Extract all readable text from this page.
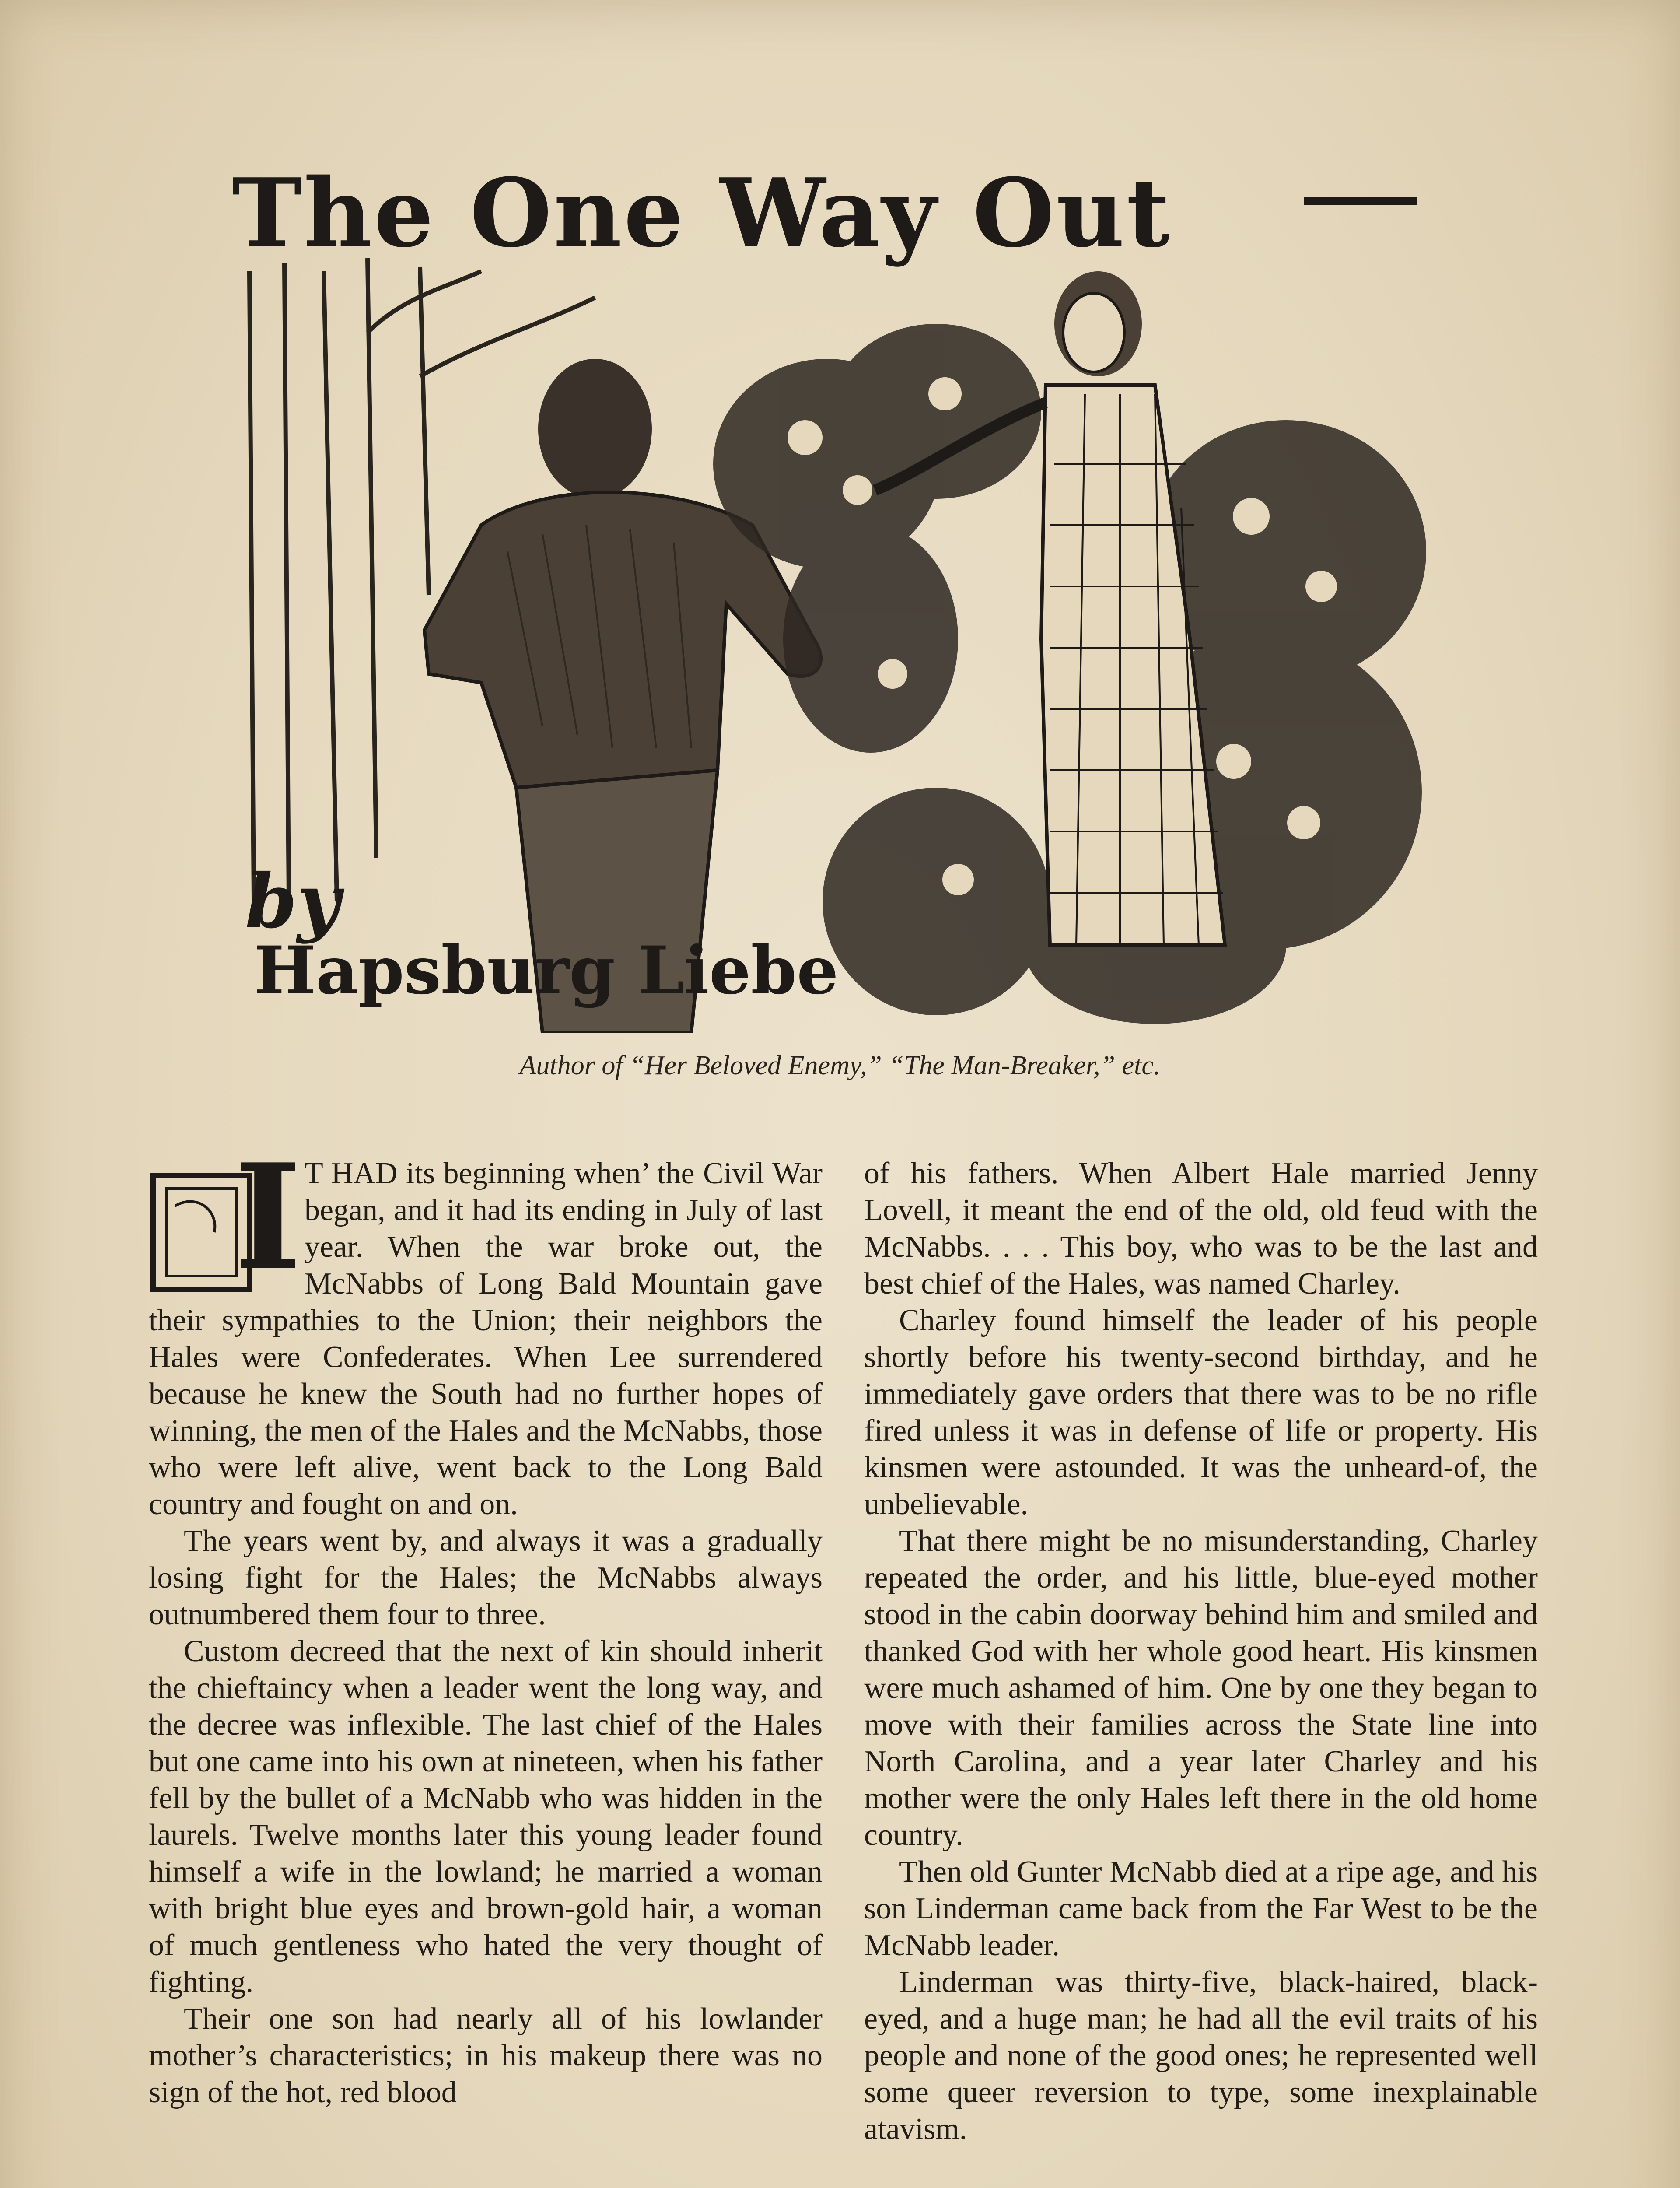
The One Way Out
by
Hapsburg Liebe
Author of “Her Beloved Enemy,” “The Man-Breaker,” etc.

I T HAD its beginning when’ the Civil War began, and it had its ending in July of last year. When the war broke out, the McNabbs of Long Bald Mountain gave their sympathies to the Union; their neighbors the Hales were Confederates. When Lee surrendered because he knew the South had no further hopes of winning, the men of the Hales and the McNabbs, those who were left alive, went back to the Long Bald country and fought on and on.

The years went by, and always it was a gradually losing fight for the Hales; the McNabbs always outnumbered them four to three.

Custom decreed that the next of kin should inherit the chieftaincy when a leader went the long way, and the decree was inflexible. The last chief of the Hales but one came into his own at nineteen, when his father fell by the bullet of a McNabb who was hidden in the laurels. Twelve months later this young leader found himself a wife in the lowland; he married a woman with bright blue eyes and brown-gold hair, a woman of much gentleness who hated the very thought of fighting.

Their one son had nearly all of his lowlander mother’s characteristics; in his makeup there was no sign of the hot, red blood

of his fathers. When Albert Hale married Jenny Lovell, it meant the end of the old, old feud with the McNabbs. . . . This boy, who was to be the last and best chief of the Hales, was named Charley.

Charley found himself the leader of his people shortly before his twenty-second birthday, and he immediately gave orders that there was to be no rifle fired unless it was in defense of life or property. His kinsmen were astounded. It was the unheard-of, the unbelievable.

That there might be no misunderstanding, Charley repeated the order, and his little, blue-eyed mother stood in the cabin doorway behind him and smiled and thanked God with her whole good heart. His kinsmen were much ashamed of him. One by one they began to move with their families across the State line into North Carolina, and a year later Charley and his mother were the only Hales left there in the old home country.

Then old Gunter McNabb died at a ripe age, and his son Linderman came back from the Far West to be the McNabb leader.

Linderman was thirty-five, black-haired, black-eyed, and a huge man; he had all the evil traits of his people and none of the good ones; he represented well some queer reversion to type, some inexplainable atavism.
